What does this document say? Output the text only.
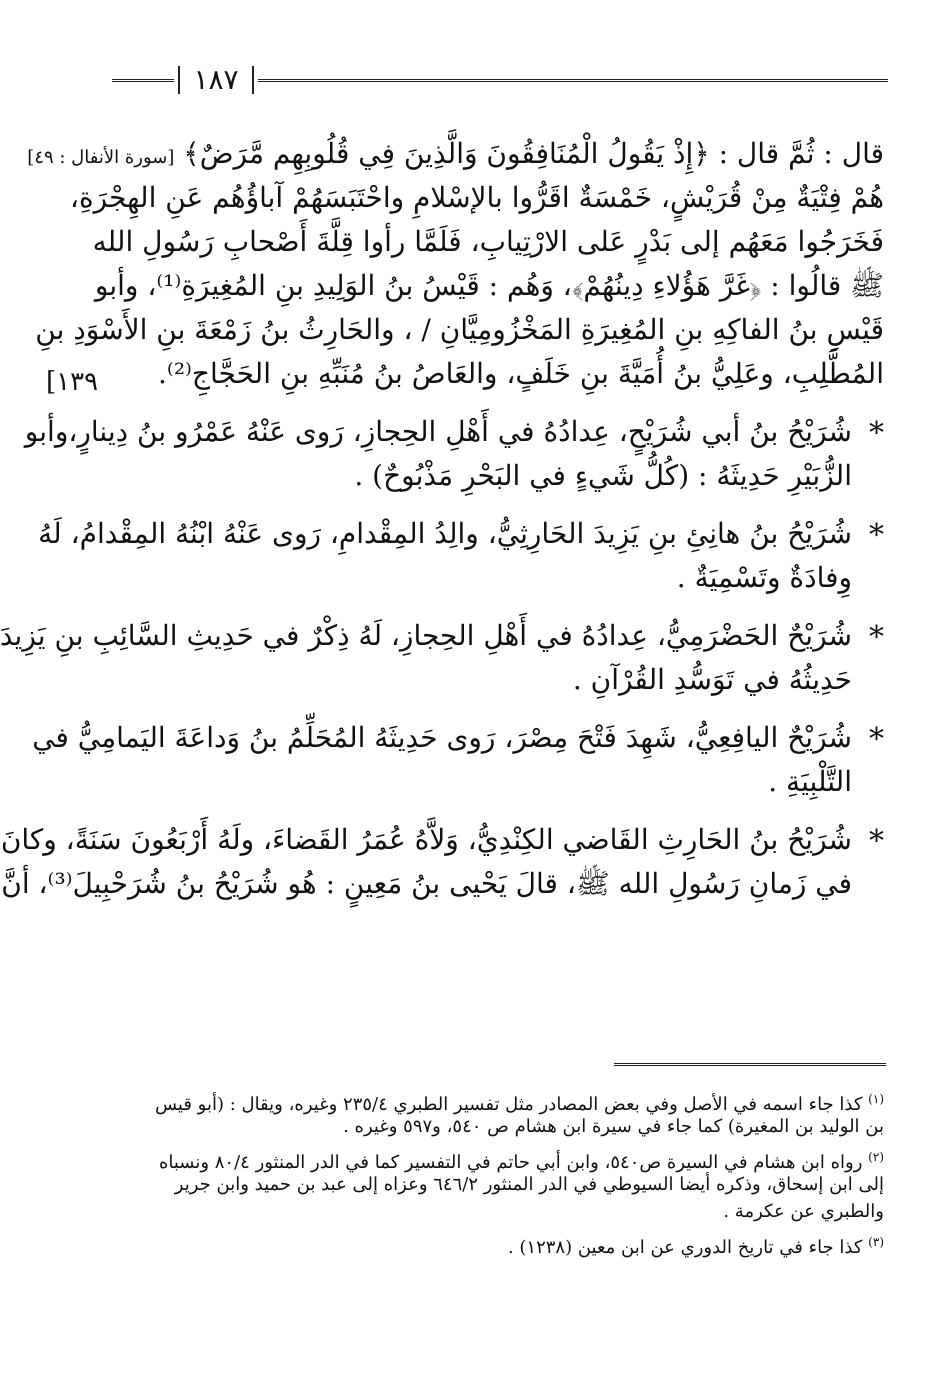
١٨٧
١٣٩]
قال : ثُمَّ قال : ﴿إِذْ يَقُولُ الْمُنَافِقُونَ وَالَّذِينَ فِي قُلُوبِهِم مَّرَضٌ﴾ [سورة الأنفال : ٤٩]
هُمْ فِتْيَةٌ مِنْ قُرَيْشٍ، خَمْسَةٌ اقَرُّوا بالإسْلامِ واحْتَبَسَهُمْ آباؤُهُم عَنِ الهِجْرَةِ،
فَخَرَجُوا مَعَهُم إلى بَدْرٍ عَلى الارْتِيابِ، فَلَمَّا رأوا قِلَّةَ أَصْحابِ رَسُولِ الله
ﷺ قالُوا : ﴿غَرَّ هَؤُلاءِ دِينُهُمْ﴾، وَهُم : قَيْسُ بنُ الوَلِيدِ بنِ المُغِيرَةِ⁽¹⁾، وأبو
قَيْسِ بنُ الفاكِهِ بنِ المُغِيرَةِ المَخْزُومِيَّانِ / ، والحَارِثُ بنُ زَمْعَةَ بنِ الأَسْوَدِ بنِ
المُطَّلِبِ، وعَلِيُّ بنُ أُمَيَّةَ بنِ خَلَفٍ، والعَاصُ بنُ مُنَبِّهِ بنِ الحَجَّاجِ⁽²⁾.
*
شُرَيْحُ بنُ أبي شُرَيْحٍ، عِدادُهُ في أَهْلِ الحِجازِ، رَوى عَنْهُ عَمْرُو بنُ دِينارٍ،وأبو
الزُّبَيْرِ حَدِيثَهُ : (كُلُّ شَيءٍ في البَحْرِ مَذْبُوحٌ) .
*
شُرَيْحُ بنُ هانِئِ بنِ يَزِيدَ الحَارِثِيُّ، والِدُ المِقْدامِ، رَوى عَنْهُ ابْنُهُ المِقْدامُ، لَهُ
وِفادَةٌ وتَسْمِيَةٌ .
*
شُرَيْحٌ الحَضْرَمِيُّ، عِدادُهُ في أَهْلِ الحِجازِ، لَهُ ذِكْرٌ في حَدِيثِ السَّائِبِ بنِ يَزِيدَ
حَدِيثُهُ في تَوَسُّدِ القُرْآنِ .
*
شُرَيْحٌ اليافِعِيُّ، شَهِدَ فَتْحَ مِصْرَ، رَوى حَدِيثَهُ المُحَلِّمُ بنُ وَداعَةَ اليَمامِيُّ في
التَّلْبِيَةِ .
*
شُرَيْحُ بنُ الحَارِثِ القَاضي الكِنْدِيُّ، وَلاَّهُ عُمَرُ القَضاءَ، ولَهُ أَرْبَعُونَ سَنَةً، وكانَ
في زَمانِ رَسُولِ الله ﷺ، قالَ يَحْيى بنُ مَعِينٍ : هُو شُرَيْحُ بنُ شُرَحْبِيلَ⁽³⁾، أنَّ
$^{(١)}$ كذا جاء اسمه في الأصل وفي بعض المصادر مثل تفسير الطبري ٢٣٥/٤ وغيره، ويقال : (أبو قيس
بن الوليد بن المغيرة) كما جاء في سيرة ابن هشام ص ٥٤٠، و٥٩٧ وغيره .
$^{(٢)}$ رواه ابن هشام في السيرة ص٥٤٠، وابن أبي حاتم في التفسير كما في الدر المنثور ٨٠/٤ ونسباه
إلى ابن إسحاق، وذكره أيضا السيوطي في الدر المنثور ٦٤٦/٢ وعزاه إلى عبد بن حميد وابن جرير
والطبري عن عكرمة .
$^{(٣)}$ كذا جاء في تاريخ الدوري عن ابن معين (١٢٣٨) .
